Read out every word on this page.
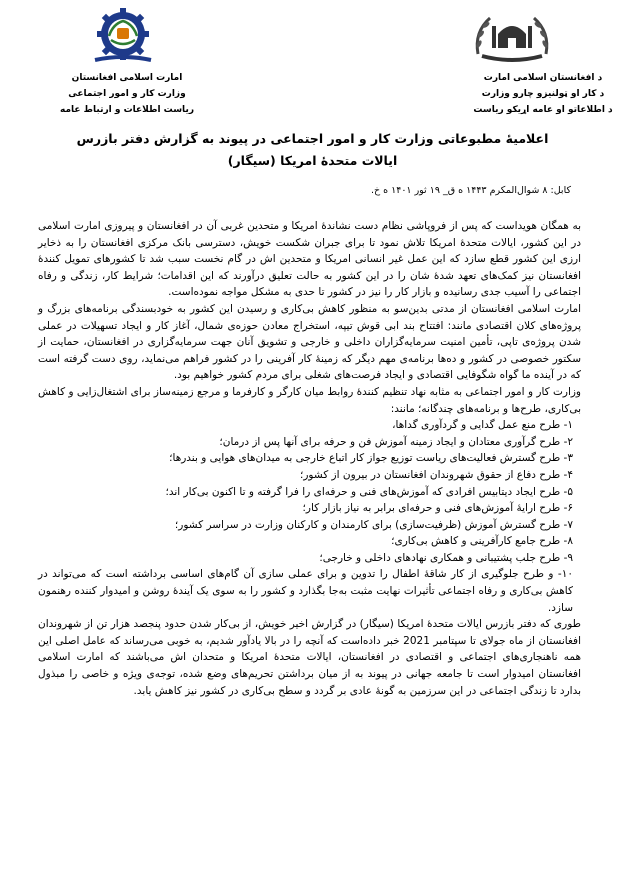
امارت اسلامی افغانستان
وزارت کار و امور اجتماعی
ریاست اطلاعات و ارتباط عامه
د افغانستان اسلامی امارت
د کار او ټولنیزو چارو وزارت
د اطلاعاتو او عامه اړیکو ریاست
اعلامیهٔ مطبوعاتی وزارت کار و امور اجتماعی در پیوند به گزارش دفتر بازرس ایالات متحدهٔ امریکا (سیگار)
کابل: ۸ شوال‌المکرم ۱۴۴۳ ه ق_ ۱۹ ثور ۱۴۰۱ ه خ.

به همگان هویداست که پس از فروپاشی نظام دست نشاندهٔ امریکا و متحدین غربی آن در افغانستان و پیروزی امارت اسلامی در این کشور، ایالات متحدهٔ امریکا تلاش نمود تا برای جبران شکست خویش، دسترسی بانک مرکزی افغانستان را به ذخایر ارزی این کشور قطع سازد که این عمل غیر انسانی امریکا و متحدین اش در گام نخست سبب شد تا کشورهای تمویل کنندهٔ افغانستان نیز کمک‌های تعهد شدهٔ شان را در این کشور به حالت تعلیق درآورند که این اقدامات؛ شرایط کار، زندگی و رفاه اجتماعی را آسیب جدی رسانیده و بازار کار را نیز در کشور تا حدی به مشکل مواجه نموده‌است.

امارت اسلامی افغانستان از مدتی بدین‌سو به منظور کاهش بی‌کاری و رسیدن این کشور به خودبسندگی برنامه‌های بزرگ و پروژه‌های کلان اقتصادی مانند: افتتاح بند ابی قوش تیپه، استخراج معادن حوزه‌ی شمال، آغاز کار و ایجاد تسهیلات در عملی شدن پروژه‌ی تاپی، تأمین امنیت سرمایه‌گزاران داخلی و خارجی و تشویق آنان جهت سرمایه‌گزاری در افغانستان، حمایت از سکتور خصوصی در کشور و ده‌ها برنامه‌ی مهم دیگر که زمینهٔ کار آفرینی را در کشور فراهم می‌نماید، روی دست گرفته است که در آینده ما گواه شگوفایی اقتصادی و ایجاد فرصت‌های شغلی برای مردم کشور خواهیم بود.

وزارت کار و امور اجتماعی به مثابه نهاد تنظیم کنندهٔ روابط میان کارگر و کارفرما و مرجع زمینه‌ساز برای اشتغال‌زایی و کاهش بی‌کاری، طرح‌ها و برنامه‌های چندگانه؛ مانند:

۱- طرح منع عمل گدایی و گردآوری گداها،
۲- طرح گرآوری معتادان و ایجاد زمینه آموزش فن و حرفه برای آنها پس از درمان؛
۳- طرح گسترش فعالیت‌های ریاست توزیع جواز کار اتباع خارجی به میدان‌های هوایی و بندرها؛
۴- طرح دفاع از حقوق شهروندان افغانستان در بیرون از کشور؛
۵- طرح ایجاد دیتابیس افرادی که آموزش‌های فنی و حرفه‌ای را فرا گرفته و تا اکنون بی‌کار اند؛
۶- طرح ارایهٔ آموزش‌های فنی و حرفه‌ای برابر به نیاز بازار کار؛
۷- طرح گسترش آموزش (ظرفیت‌سازی) برای کارمندان و کارکنان وزارت در سراسر کشور؛
۸- طرح جامع کارآفرینی و کاهش بی‌کاری؛
۹- طرح جلب پشتیبانی و همکاری نهادهای داخلی و خارجی؛
۱۰- و طرح جلوگیری از کار شاقهٔ اطفال را تدوین و برای عملی سازی آن گام‌های اساسی برداشته است که می‌تواند در کاهش بی‌کاری و رفاه اجتماعی تأثیرات نهایت مثبت به‌جا بگذارد و کشور را به سوی یک آیندهٔ روشن و امیدوار کننده رهنمون سازد.

طوری که دفتر بازرس ایالات متحدهٔ امریکا (سیگار) در گزارش اخیر خویش، از بی‌کار شدن حدود پنجصد هزار تن از شهروندان افغانستان از ماه جولای تا سپتامبر 2021 خبر داده‌است که آنچه را در بالا یادآور شدیم، به خوبی می‌رساند که عامل اصلی این همه ناهنجاری‌های اجتماعی و اقتصادی در افغانستان، ایالات متحدهٔ امریکا و متحدان اش می‌باشند که امارت اسلامی افغانستان امیدوار است تا جامعه جهانی در پیوند به از میان برداشتن تحریم‌های وضع شده، توجه‌ی ویژه و خاصی را مبذول بدارد تا زندگی اجتماعی در این سرزمین به گونهٔ عادی بر گردد و سطح بی‌کاری در کشور نیز کاهش یابد.
